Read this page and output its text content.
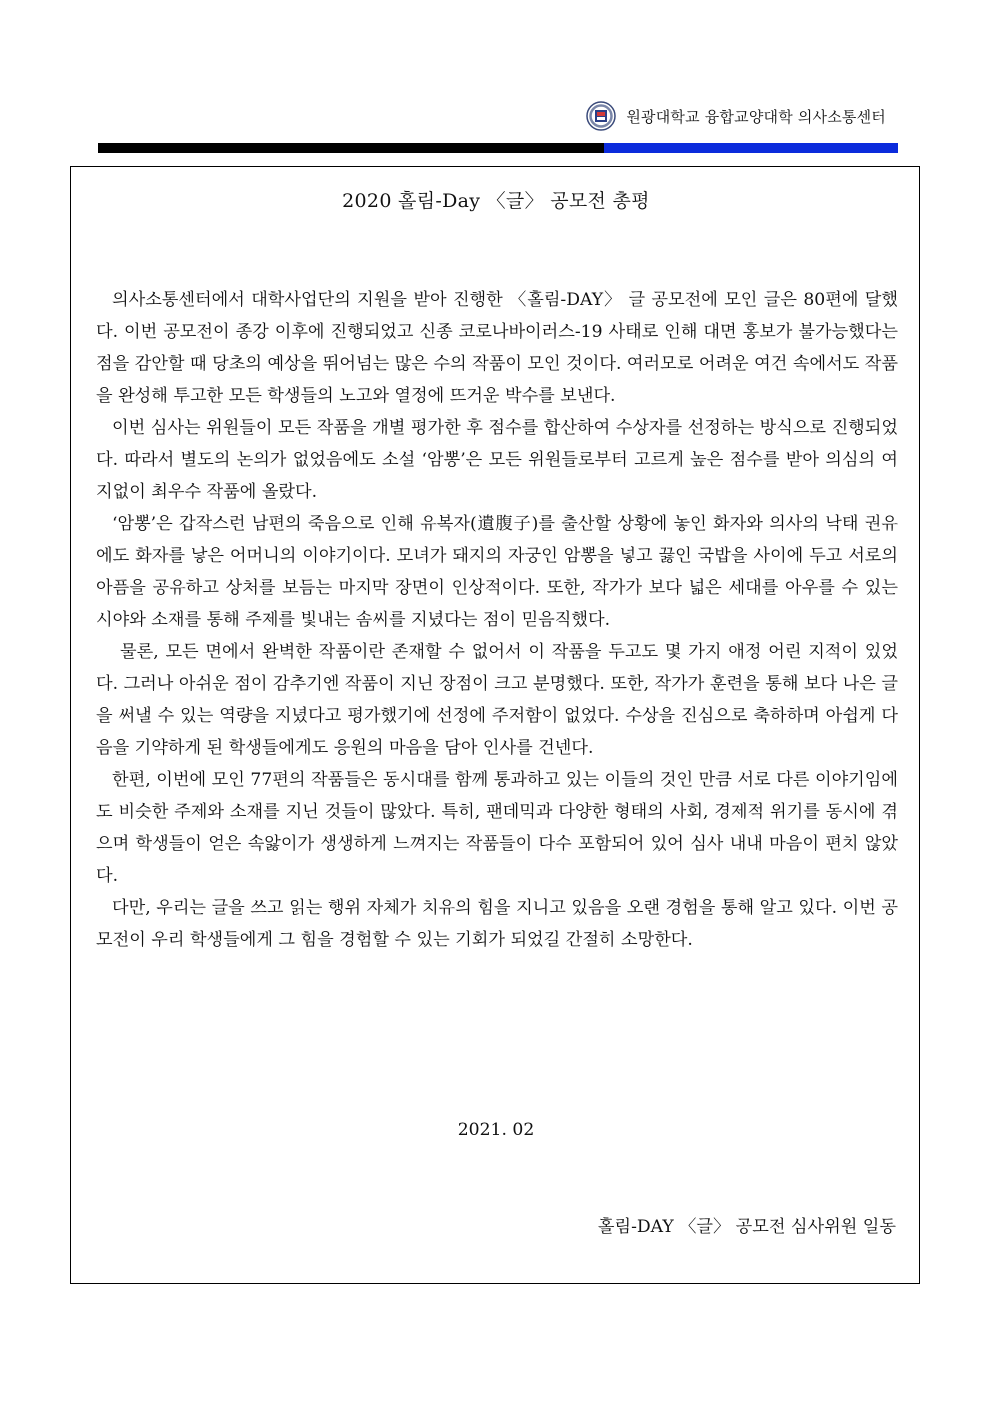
원광대학교 융합교양대학 의사소통센터
2020 홀림-Day 〈글〉 공모전 총평

의사소통센터에서 대학사업단의 지원을 받아 진행한 〈홀림-DAY〉 글 공모전에 모인 글은 80편에 달했다. 이번 공모전이 종강 이후에 진행되었고 신종 코로나바이러스-19 사태로 인해 대면 홍보가 불가능했다는 점을 감안할 때 당초의 예상을 뛰어넘는 많은 수의 작품이 모인 것이다. 여러모로 어려운 여건 속에서도 작품을 완성해 투고한 모든 학생들의 노고와 열정에 뜨거운 박수를 보낸다.

이번 심사는 위원들이 모든 작품을 개별 평가한 후 점수를 합산하여 수상자를 선정하는 방식으로 진행되었다. 따라서 별도의 논의가 없었음에도 소설 ‘암뽕’은 모든 위원들로부터 고르게 높은 점수를 받아 의심의 여지없이 최우수 작품에 올랐다.

‘암뽕’은 갑작스런 남편의 죽음으로 인해 유복자(遺腹子)를 출산할 상황에 놓인 화자와 의사의 낙태 권유에도 화자를 낳은 어머니의 이야기이다. 모녀가 돼지의 자궁인 암뽕을 넣고 끓인 국밥을 사이에 두고 서로의 아픔을 공유하고 상처를 보듬는 마지막 장면이 인상적이다. 또한, 작가가 보다 넓은 세대를 아우를 수 있는 시야와 소재를 통해 주제를 빛내는 솜씨를 지녔다는 점이 믿음직했다.

물론, 모든 면에서 완벽한 작품이란 존재할 수 없어서 이 작품을 두고도 몇 가지 애정 어린 지적이 있었다. 그러나 아쉬운 점이 감추기엔 작품이 지닌 장점이 크고 분명했다. 또한, 작가가 훈련을 통해 보다 나은 글을 써낼 수 있는 역량을 지녔다고 평가했기에 선정에 주저함이 없었다. 수상을 진심으로 축하하며 아쉽게 다음을 기약하게 된 학생들에게도 응원의 마음을 담아 인사를 건넨다.

한편, 이번에 모인 77편의 작품들은 동시대를 함께 통과하고 있는 이들의 것인 만큼 서로 다른 이야기임에도 비슷한 주제와 소재를 지닌 것들이 많았다. 특히, 팬데믹과 다양한 형태의 사회, 경제적 위기를 동시에 겪으며 학생들이 얻은 속앓이가 생생하게 느껴지는 작품들이 다수 포함되어 있어 심사 내내 마음이 편치 않았다.

다만, 우리는 글을 쓰고 읽는 행위 자체가 치유의 힘을 지니고 있음을 오랜 경험을 통해 알고 있다. 이번 공모전이 우리 학생들에게 그 힘을 경험할 수 있는 기회가 되었길 간절히 소망한다.

2021. 02
홀림-DAY 〈글〉 공모전 심사위원 일동
